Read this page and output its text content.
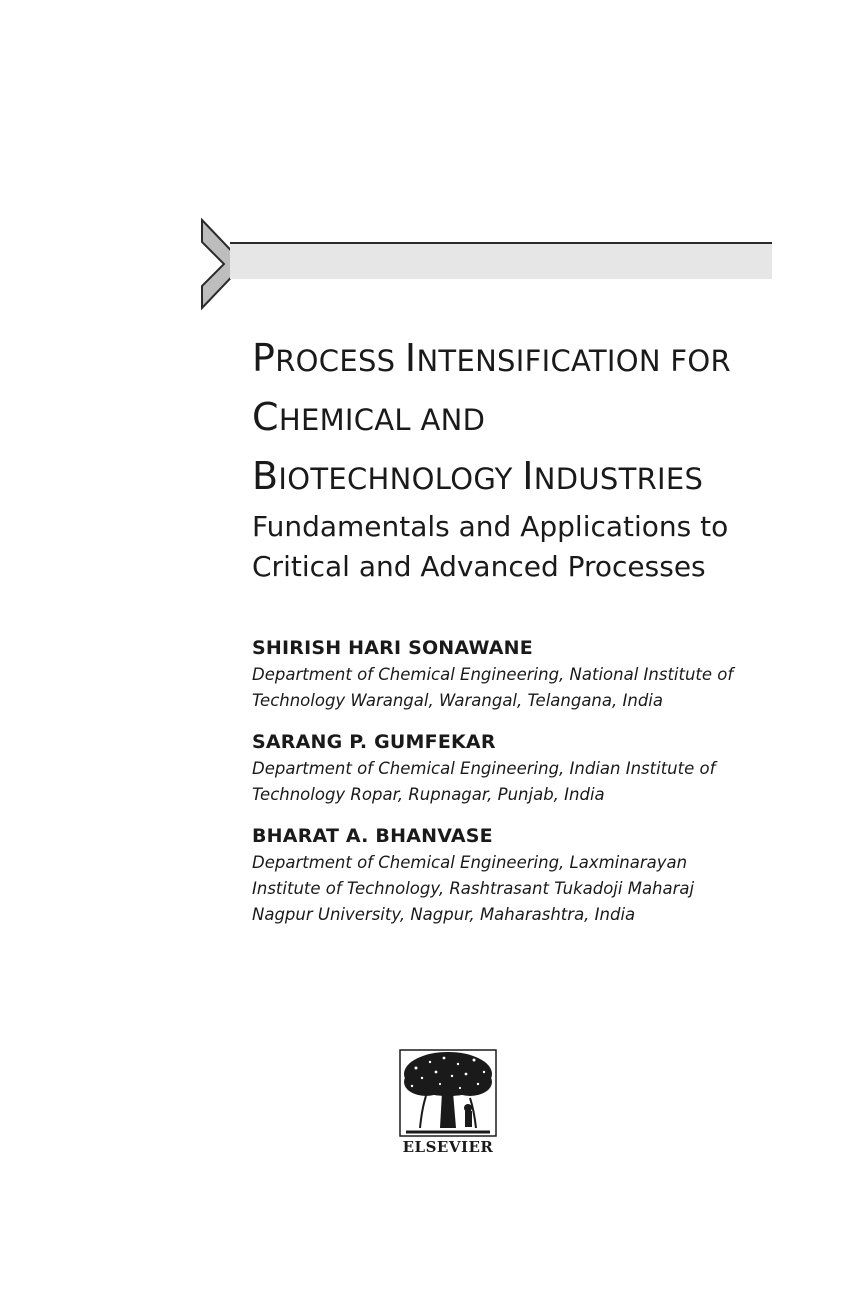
PROCESS INTENSIFICATION FOR
CHEMICAL AND
BIOTECHNOLOGY INDUSTRIES
Fundamentals and Applications to
Critical and Advanced Processes
SHIRISH HARI SONAWANE
Department of Chemical Engineering, National Institute of
Technology Warangal, Warangal, Telangana, India
SARANG P. GUMFEKAR
Department of Chemical Engineering, Indian Institute of
Technology Ropar, Rupnagar, Punjab, India
BHARAT A. BHANVASE
Department of Chemical Engineering, Laxminarayan
Institute of Technology, Rashtrasant Tukadoji Maharaj
Nagpur University, Nagpur, Maharashtra, India
ELSEVIER
